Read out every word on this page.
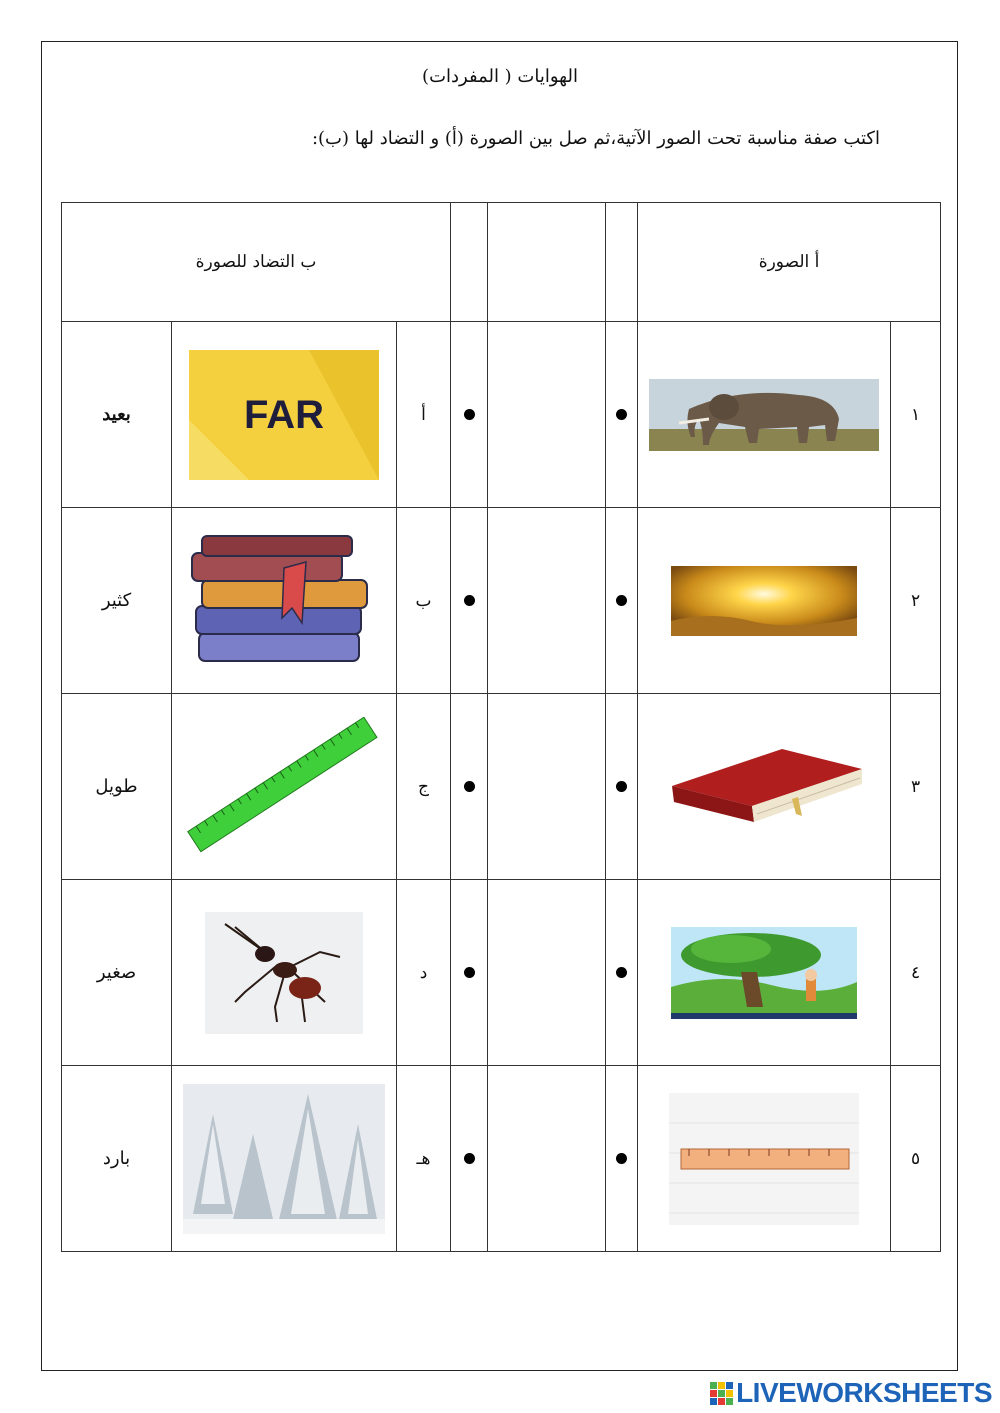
الهوايات ( المفردات)
اكتب صفة مناسبة تحت الصور الآتية،ثم صل بين الصورة (أ) و التضاد لها (ب):
ب التضاد للصورة						أ الصورة	
بعيد	FAR	أ					١
كثير		ب					٢
طويل		ج					٣
صغير		د					٤
بارد		هـ					٥
LIVEWORKSHEETS
